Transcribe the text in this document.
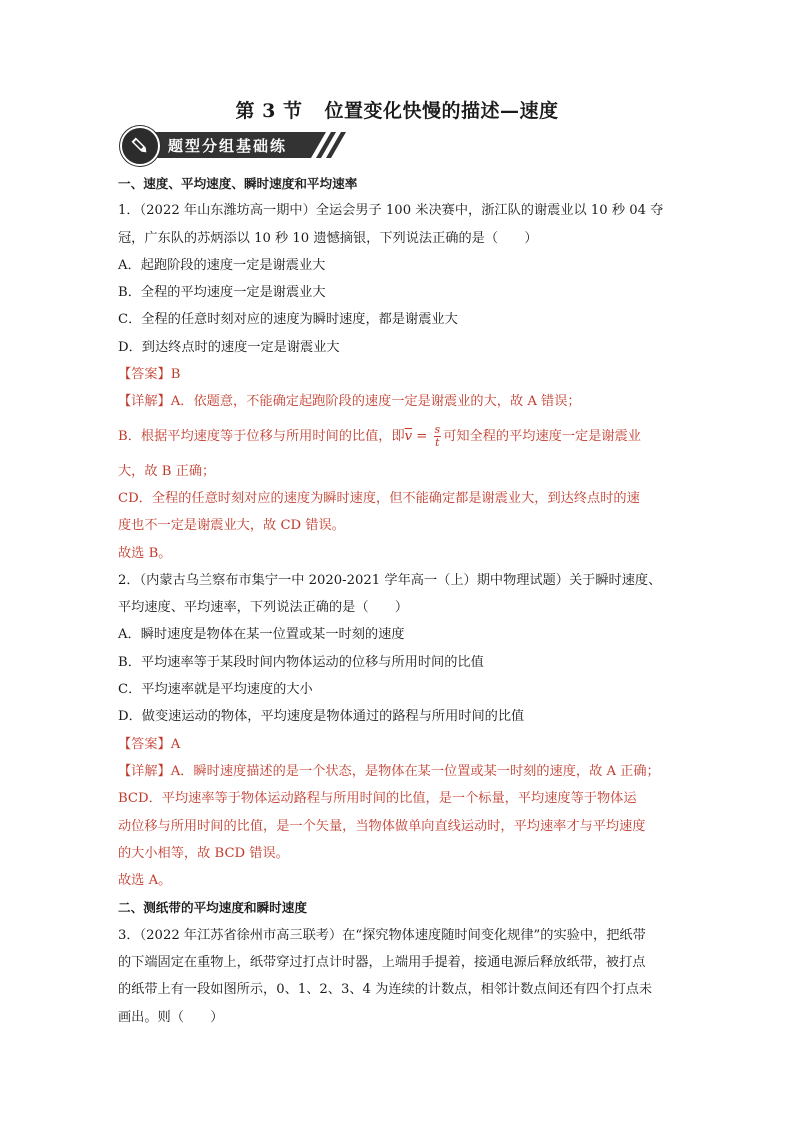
第 3 节 位置变化快慢的描述—速度
题型分组基础练

一、速度、平均速度、瞬时速度和平均速率

1．（2022 年山东潍坊高一期中）全运会男子 100 米决赛中，浙江队的谢震业以 10 秒 04 夺

冠，广东队的苏炳添以 10 秒 10 遗憾摘银，下列说法正确的是（　　）

A．起跑阶段的速度一定是谢震业大

B．全程的平均速度一定是谢震业大

C．全程的任意时刻对应的速度为瞬时速度，都是谢震业大

D．到达终点时的速度一定是谢震业大

【答案】B

【详解】A．依题意，不能确定起跑阶段的速度一定是谢震业的大，故 A 错误；

B．根据平均速度等于位移与所用时间的比值，即$\overline{v} = \frac{s}{t}$ 可知全程的平均速度一定是谢震业

大，故 B 正确；

CD．全程的任意时刻对应的速度为瞬时速度，但不能确定都是谢震业大，到达终点时的速

度也不一定是谢震业大，故 CD 错误。

故选 B。

2．（内蒙古乌兰察布市集宁一中 2020-2021 学年高一（上）期中物理试题）关于瞬时速度、

平均速度、平均速率，下列说法正确的是（　　）

A．瞬时速度是物体在某一位置或某一时刻的速度

B．平均速率等于某段时间内物体运动的位移与所用时间的比值

C．平均速率就是平均速度的大小

D．做变速运动的物体，平均速度是物体通过的路程与所用时间的比值

【答案】A

【详解】A．瞬时速度描述的是一个状态，是物体在某一位置或某一时刻的速度，故 A 正确；

BCD．平均速率等于物体运动路程与所用时间的比值，是一个标量，平均速度等于物体运

动位移与所用时间的比值，是一个矢量，当物体做单向直线运动时，平均速率才与平均速度

的大小相等，故 BCD 错误。

故选 A。

二、测纸带的平均速度和瞬时速度

3．（2022 年江苏省徐州市高三联考）在“探究物体速度随时间变化规律”的实验中，把纸带

的下端固定在重物上，纸带穿过打点计时器，上端用手提着，接通电源后释放纸带，被打点

的纸带上有一段如图所示，0、1、2、3、4 为连续的计数点，相邻计数点间还有四个打点未

画出。则（　　）
